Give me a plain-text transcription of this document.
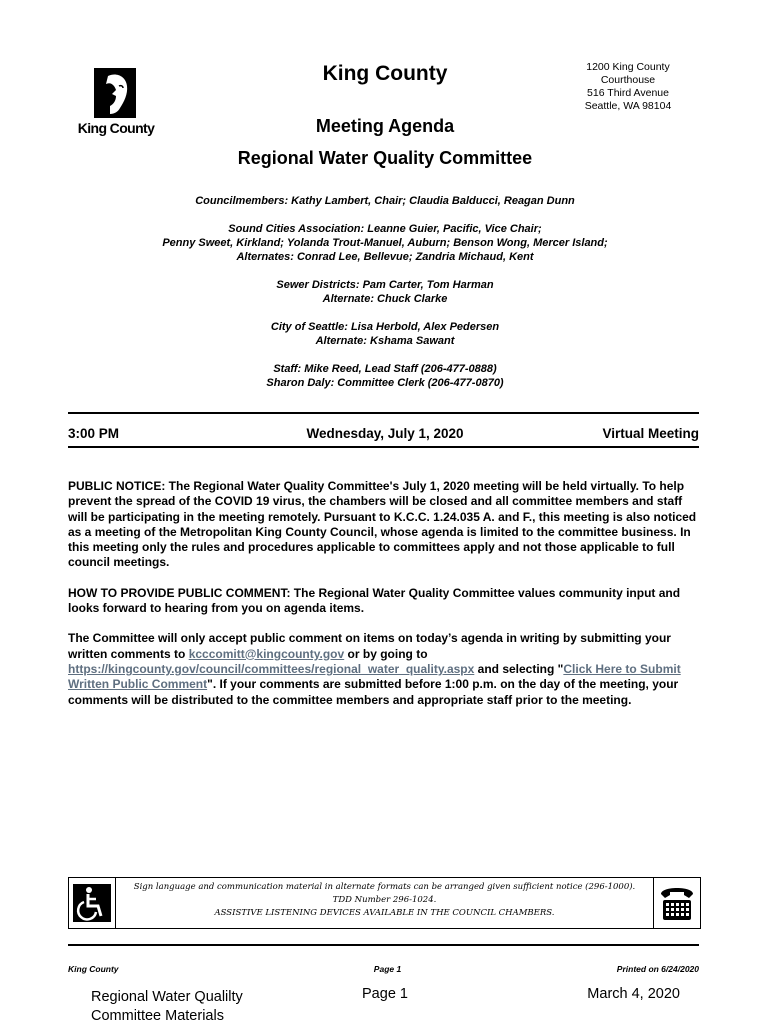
King County
King County	1200 King County
Courthouse
516 Third Avenue
Seattle, WA 98104
Meeting Agenda
Regional Water Quality Committee

Councilmembers: Kathy Lambert, Chair; Claudia Balducci, Reagan Dunn

Sound Cities Association: Leanne Guier, Pacific, Vice Chair;
Penny Sweet, Kirkland; Yolanda Trout-Manuel, Auburn; Benson Wong, Mercer Island;
Alternates: Conrad Lee, Bellevue; Zandria Michaud, Kent

Sewer Districts: Pam Carter, Tom Harman
Alternate: Chuck Clarke

City of Seattle: Lisa Herbold, Alex Pedersen
Alternate: Kshama Sawant

Staff: Mike Reed, Lead Staff (206-477-0888)
Sharon Daly: Committee Clerk (206-477-0870)

3:00 PM	Wednesday, July 1, 2020	Virtual Meeting

PUBLIC NOTICE: The Regional Water Quality Committee's July 1, 2020 meeting will be held virtually. To help prevent the spread of the COVID 19 virus, the chambers will be closed and all committee members and staff will be participating in the meeting remotely. Pursuant to K.C.C. 1.24.035 A. and F., this meeting is also noticed as a meeting of the Metropolitan King County Council, whose agenda is limited to the committee business. In this meeting only the rules and procedures applicable to committees apply and not those applicable to full council meetings.

HOW TO PROVIDE PUBLIC COMMENT: The Regional Water Quality Committee values community input and looks forward to hearing from you on agenda items.

The Committee will only accept public comment on items on today’s agenda in writing by submitting your written comments to kcccomitt@kingcounty.gov or by going to https://kingcounty.gov/council/committees/regional_water_quality.aspx and selecting "Click Here to Submit Written Public Comment". If your comments are submitted before 1:00 p.m. on the day of the meeting, your comments will be distributed to the committee members and appropriate staff prior to the meeting.

Sign language and communication material in alternate formats can be arranged given sufficient notice (296-1000).
TDD Number 296-1024.
ASSISTIVE LISTENING DEVICES AVAILABLE IN THE COUNCIL CHAMBERS.
King County	Page 1	Printed on 6/24/2020
Regional Water Qualilty
Committee Materials
Page 1	March 4, 2020
